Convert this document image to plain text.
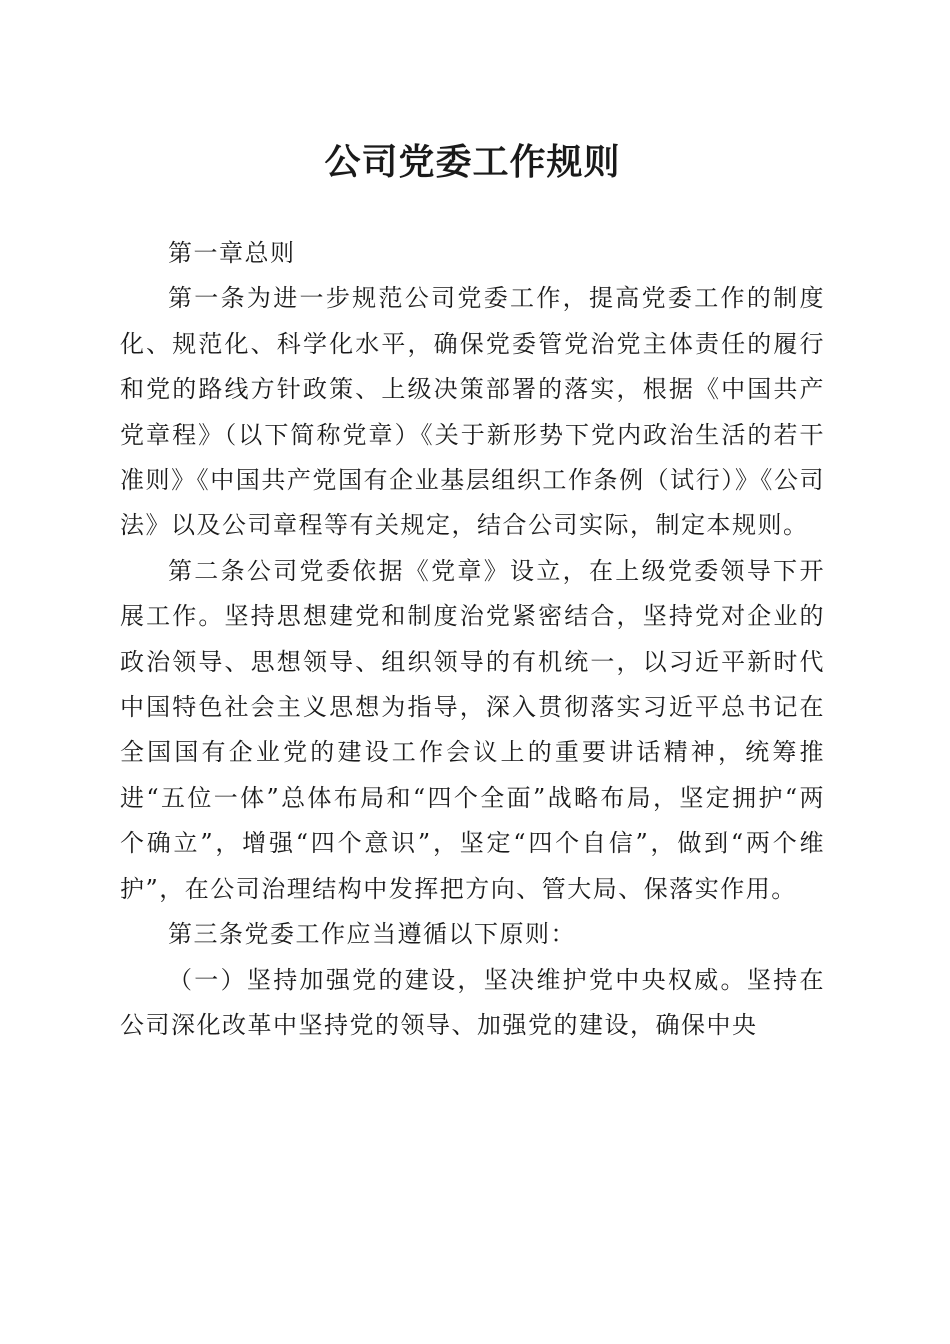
公司党委工作规则

第一章总则

第一条为进一步规范公司党委工作，提高党委工作的制度化、规范化、科学化水平，确保党委管党治党主体责任的履行和党的路线方针政策、上级决策部署的落实，根据《中国共产党章程》（以下简称党章）《关于新形势下党内政治生活的若干准则》《中国共产党国有企业基层组织工作条例（试行）》《公司法》以及公司章程等有关规定，结合公司实际，制定本规则。

第二条公司党委依据《党章》设立，在上级党委领导下开展工作。坚持思想建党和制度治党紧密结合，坚持党对企业的政治领导、思想领导、组织领导的有机统一，以习近平新时代中国特色社会主义思想为指导，深入贯彻落实习近平总书记在全国国有企业党的建设工作会议上的重要讲话精神，统筹推进“五位一体”总体布局和“四个全面”战略布局，坚定拥护“两个确立”，增强“四个意识”，坚定“四个自信”，做到“两个维护”，在公司治理结构中发挥把方向、管大局、保落实作用。

第三条党委工作应当遵循以下原则：

（一）坚持加强党的建设，坚决维护党中央权威。坚持在公司深化改革中坚持党的领导、加强党的建设，确保中央
